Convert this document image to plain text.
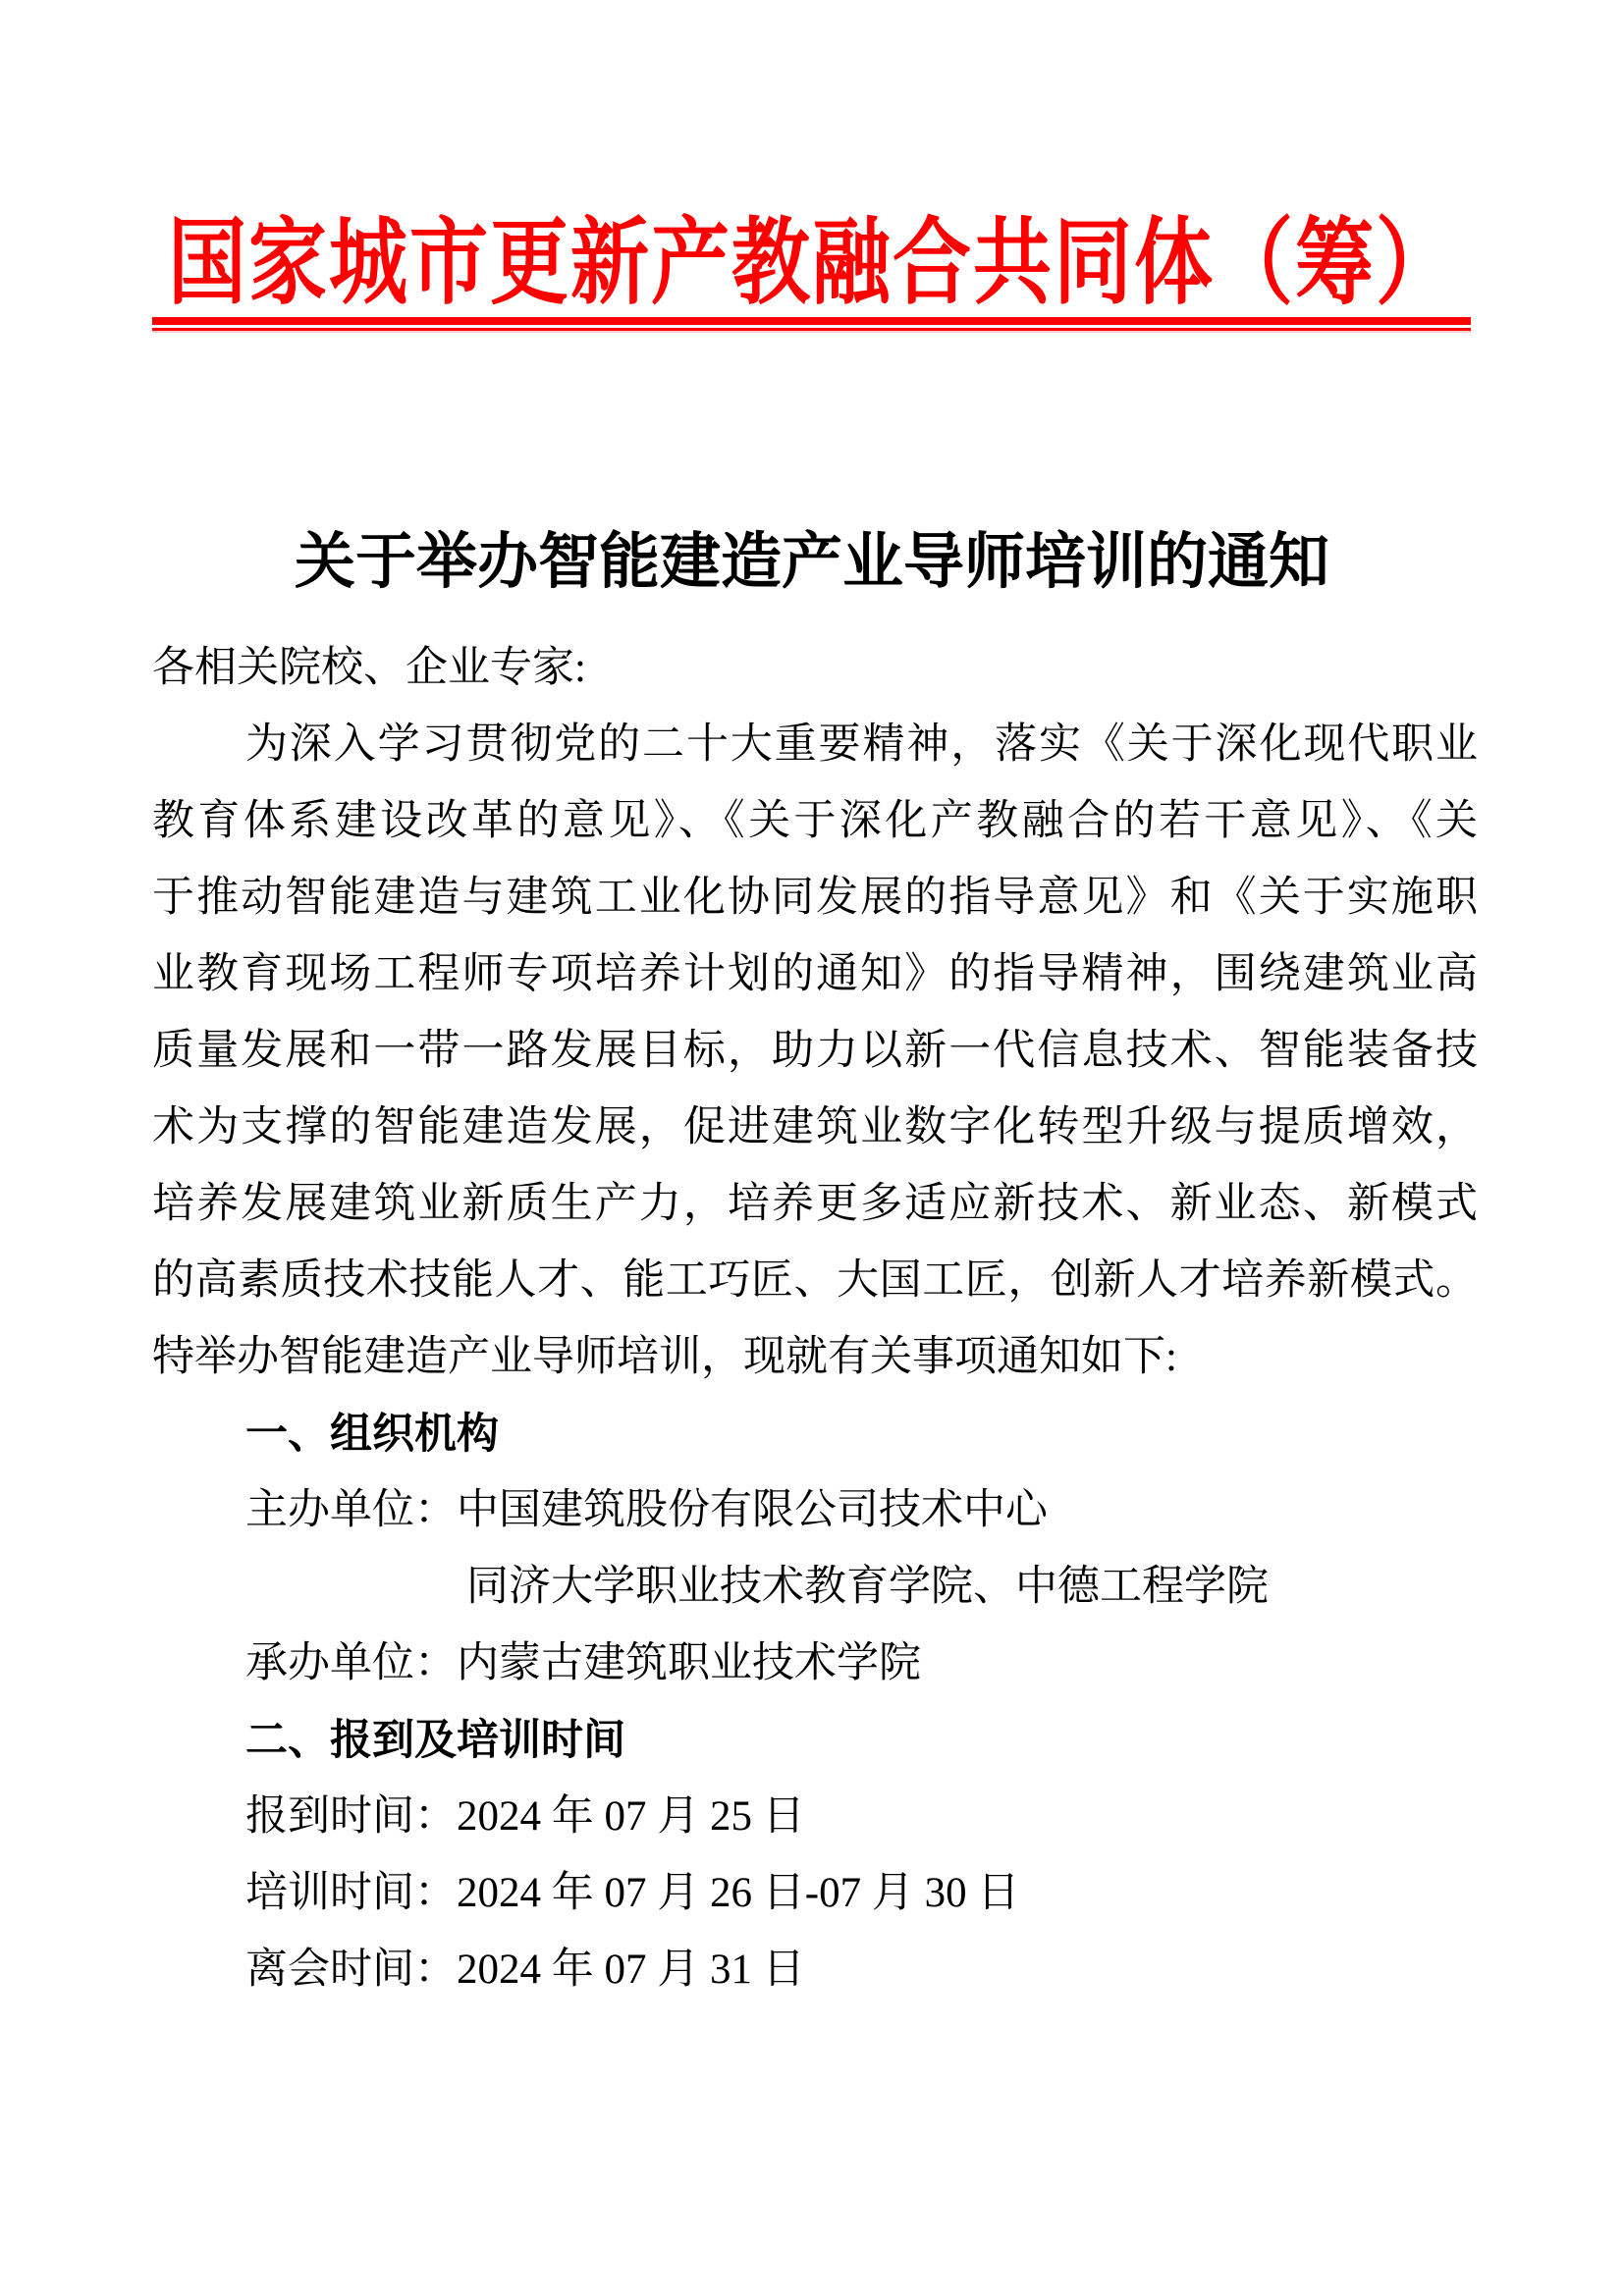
国家城市更新产教融合共同体（筹）
关于举办智能建造产业导师培训的通知
各相关院校、企业专家:
为深入学习贯彻党的二十大重要精神，落实《关于深化现代职业
教育体系建设改革的意见》、《关于深化产教融合的若干意见》、《关
于推动智能建造与建筑工业化协同发展的指导意见》和《关于实施职
业教育现场工程师专项培养计划的通知》的指导精神，围绕建筑业高
质量发展和一带一路发展目标，助力以新一代信息技术、智能装备技
术为支撑的智能建造发展，促进建筑业数字化转型升级与提质增效，
培养发展建筑业新质生产力，培养更多适应新技术、新业态、新模式
的高素质技术技能人才、能工巧匠、大国工匠，创新人才培养新模式。
特举办智能建造产业导师培训，现就有关事项通知如下:
一、组织机构
主办单位：中国建筑股份有限公司技术中心
同济大学职业技术教育学院、中德工程学院
承办单位：内蒙古建筑职业技术学院
二、报到及培训时间
报到时间：2024 年 07 月 25 日
培训时间：2024 年 07 月 26 日-07 月 30 日
离会时间：2024 年 07 月 31 日
